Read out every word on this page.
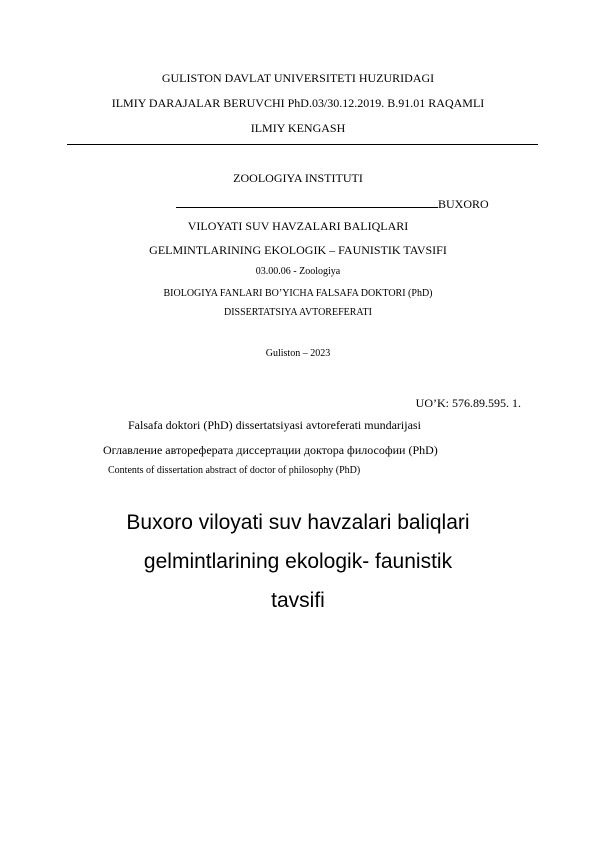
GULISTON DAVLAT UNIVERSITETI HUZURIDAGI
ILMIY DARAJALAR BERUVCHI PhD.03/30.12.2019. B.91.01 RAQAMLI
ILMIY KENGASH
ZOOLOGIYA INSTITUTI
BUXORO
VILOYATI SUV HAVZALARI BALIQLARI
GELMINTLARINING EKOLOGIK – FAUNISTIK TAVSIFI
03.00.06 - Zoologiya
BIOLOGIYA FANLARI BO’YICHA FALSAFA DOKTORI (PhD)
DISSERTATSIYA AVTOREFERATI
Guliston – 2023
UO’K: 576.89.595. 1.
Falsafa doktori (PhD) dissertatsiyasi avtoreferati mundarijasi
Оглавление автореферата диссертации доктора философии (PhD)
Contents of dissertation abstract of doctor of philosophy (PhD)
Buxoro viloyati suv havzalari baliqlari
gelmintlarining ekologik- faunistik
tavsifi
